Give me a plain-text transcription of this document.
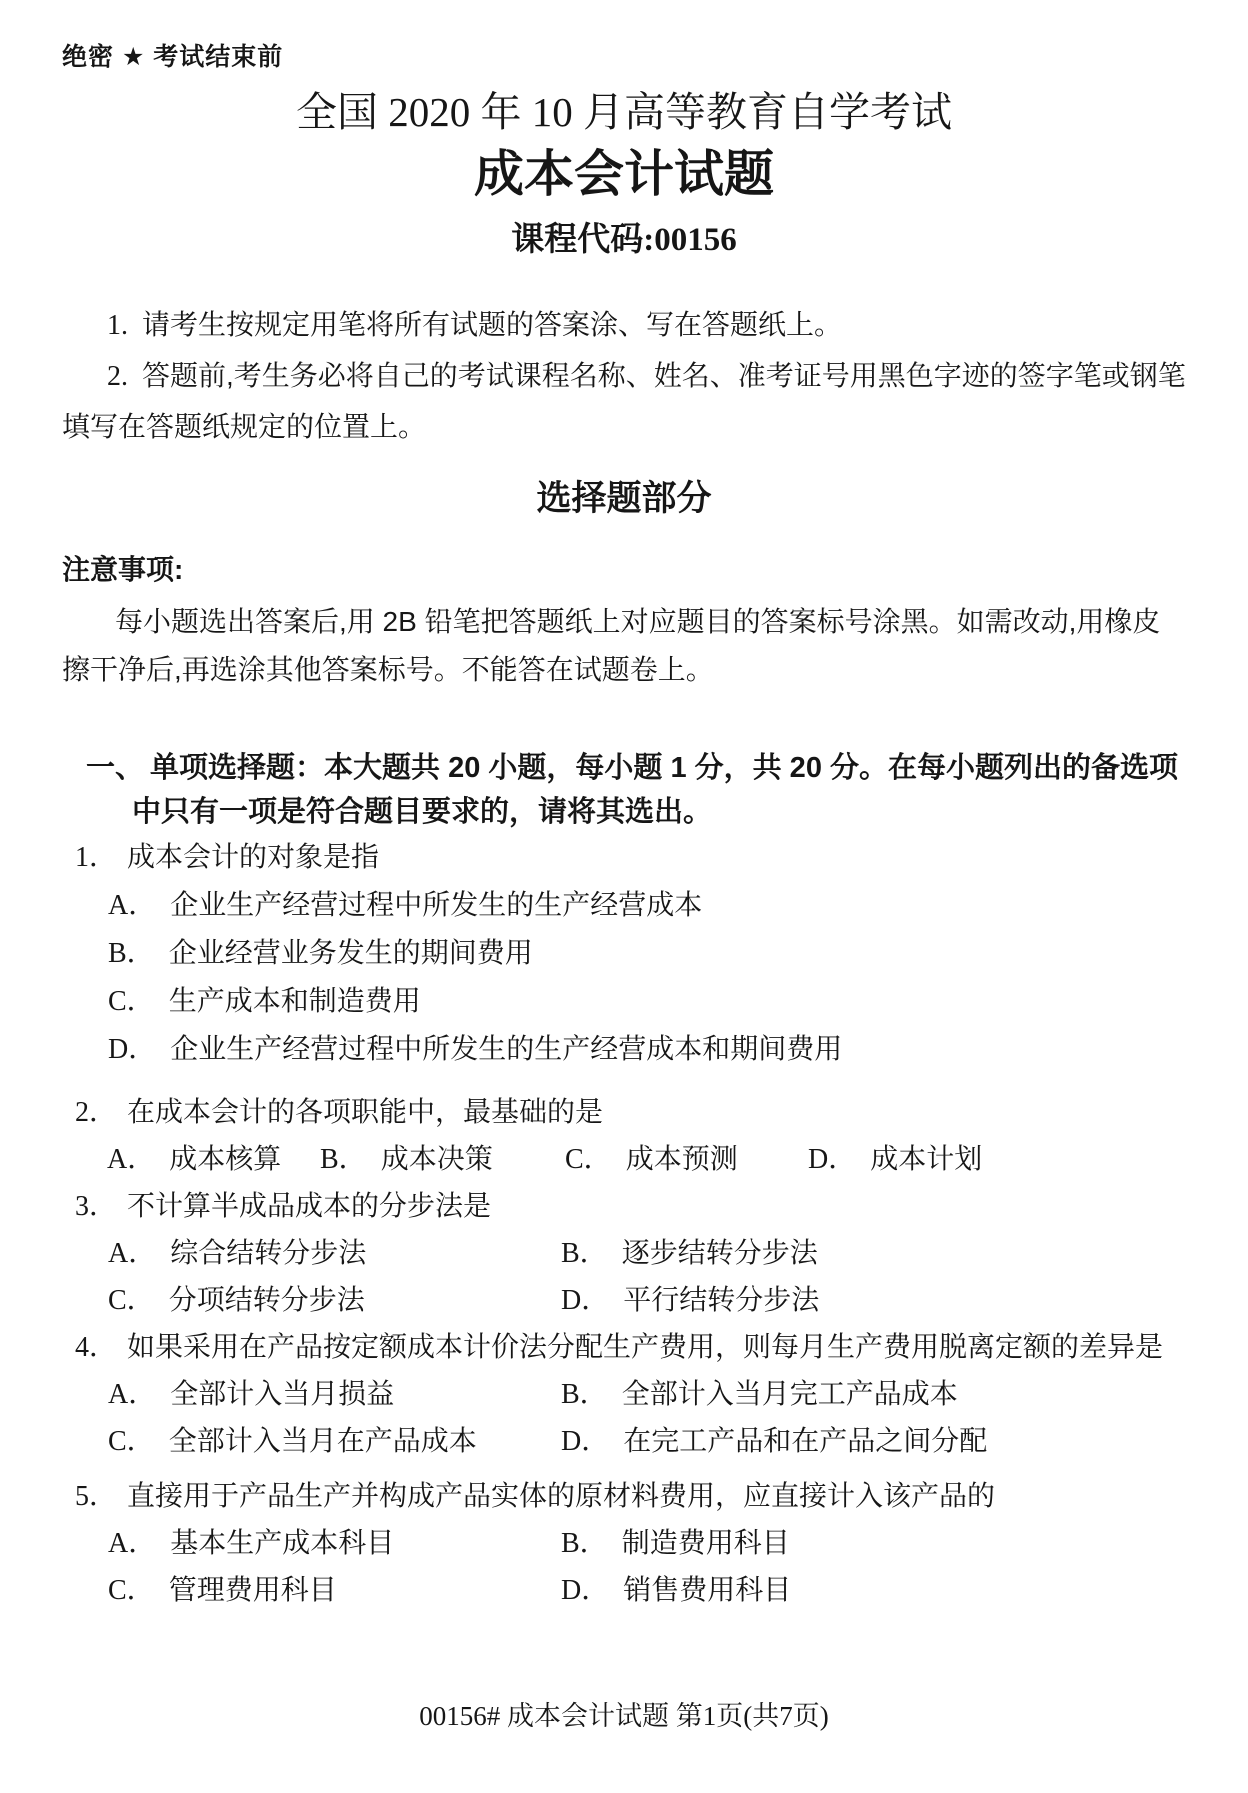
绝密 ★ 考试结束前
全国 2020 年 10 月高等教育自学考试
成本会计试题
课程代码:00156

1. 请考生按规定用笔将所有试题的答案涂、写在答题纸上。

2. 答题前,考生务必将自己的考试课程名称、姓名、准考证号用黑色字迹的签字笔或钢笔填写在答题纸规定的位置上。

选择题部分
注意事项:

每小题选出答案后,用 2B 铅笔把答题纸上对应题目的答案标号涂黑。如需改动,用橡皮擦干净后,再选涂其他答案标号。不能答在试题卷上。

一、 单项选择题：本大题共 20 小题，每小题 1 分，共 20 分。在每小题列出的备选项中只有一项是符合题目要求的，请将其选出。

1． 成本会计的对象是指

A． 企业生产经营过程中所发生的生产经营成本
B． 企业经营业务发生的期间费用
C． 生产成本和制造费用
D． 企业生产经营过程中所发生的生产经营成本和期间费用

2． 在成本会计的各项职能中，最基础的是

A． 成本核算	B． 成本决策	C． 成本预测	D． 成本计划

3． 不计算半成品成本的分步法是

A． 综合结转分步法	B． 逐步结转分步法
C． 分项结转分步法	D． 平行结转分步法

4． 如果采用在产品按定额成本计价法分配生产费用，则每月生产费用脱离定额的差异是

A． 全部计入当月损益	B． 全部计入当月完工产品成本
C． 全部计入当月在产品成本	D． 在完工产品和在产品之间分配

5． 直接用于产品生产并构成产品实体的原材料费用，应直接计入该产品的

A． 基本生产成本科目	B． 制造费用科目
C． 管理费用科目	D． 销售费用科目
00156# 成本会计试题 第1页(共7页)
